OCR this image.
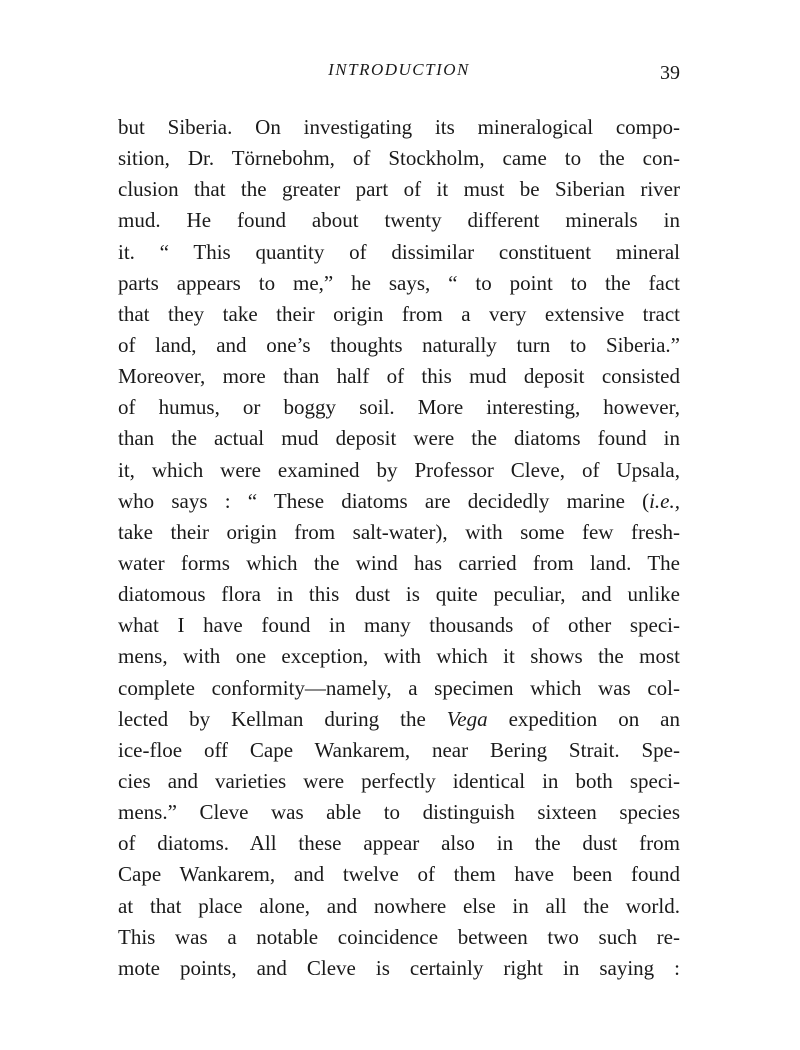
INTRODUCTION	39
but Siberia. On investigating its mineralogical compo-
sition, Dr. Törnebohm, of Stockholm, came to the con-
clusion that the greater part of it must be Siberian river
mud. He found about twenty different minerals in
it. “ This quantity of dissimilar constituent mineral
parts appears to me,” he says, “ to point to the fact
that they take their origin from a very extensive tract
of land, and one’s thoughts naturally turn to Siberia.”
Moreover, more than half of this mud deposit consisted
of humus, or boggy soil. More interesting, however,
than the actual mud deposit were the diatoms found in
it, which were examined by Professor Cleve, of Upsala,
who says : “ These diatoms are decidedly marine (i.e.,
take their origin from salt-water), with some few fresh-
water forms which the wind has carried from land. The
diatomous flora in this dust is quite peculiar, and unlike
what I have found in many thousands of other speci-
mens, with one exception, with which it shows the most
complete conformity—namely, a specimen which was col-
lected by Kellman during the Vega expedition on an
ice-floe off Cape Wankarem, near Bering Strait. Spe-
cies and varieties were perfectly identical in both speci-
mens.” Cleve was able to distinguish sixteen species
of diatoms. All these appear also in the dust from
Cape Wankarem, and twelve of them have been found
at that place alone, and nowhere else in all the world.
This was a notable coincidence between two such re-
mote points, and Cleve is certainly right in saying :
